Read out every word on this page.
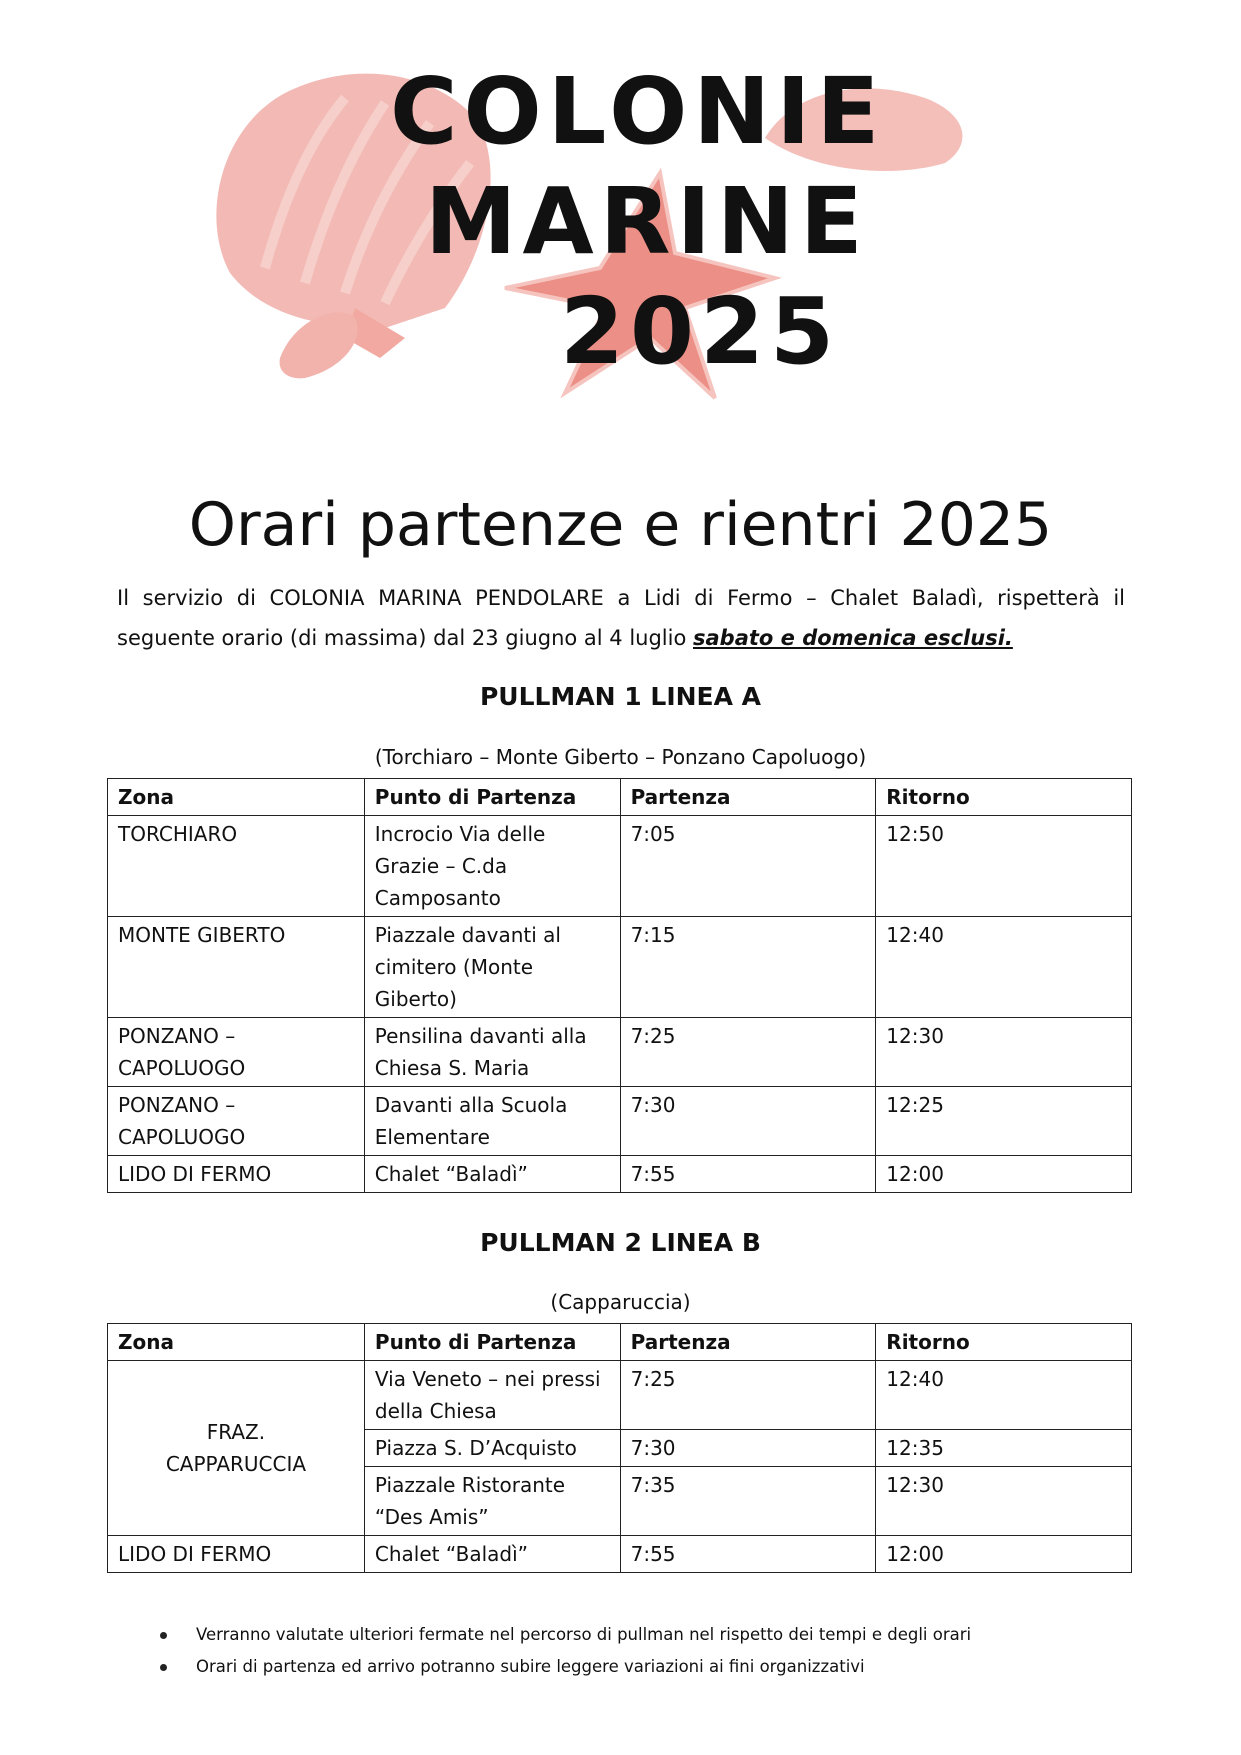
COLONIE
MARINE
2025
Orari partenze e rientri 2025
Il servizio di COLONIA MARINA PENDOLARE a Lidi di Fermo – Chalet Baladì, rispetterà il seguente orario (di massima) dal 23 giugno al 4 luglio sabato e domenica esclusi.
PULLMAN 1 LINEA A
(Torchiaro – Monte Giberto – Ponzano Capoluogo)
Zona	Punto di Partenza	Partenza	Ritorno
TORCHIARO	Incrocio Via delle Grazie – C.da Camposanto	7:05	12:50
MONTE GIBERTO	Piazzale davanti al cimitero (Monte Giberto)	7:15	12:40
PONZANO – CAPOLUOGO	Pensilina davanti alla Chiesa S. Maria	7:25	12:30
PONZANO – CAPOLUOGO	Davanti alla Scuola Elementare	7:30	12:25
LIDO DI FERMO	Chalet “Baladì”	7:55	12:00
PULLMAN 2 LINEA B
(Capparuccia)
Zona	Punto di Partenza	Partenza	Ritorno
FRAZ. CAPPARUCCIA	Via Veneto – nei pressi della Chiesa	7:25	12:40
	Piazza S. D’Acquisto	7:30	12:35
	Piazzale Ristorante “Des Amis”	7:35	12:30
LIDO DI FERMO	Chalet “Baladì”	7:55	12:00
Verranno valutate ulteriori fermate nel percorso di pullman nel rispetto dei tempi e degli orari
Orari di partenza ed arrivo potranno subire leggere variazioni ai fini organizzativi
